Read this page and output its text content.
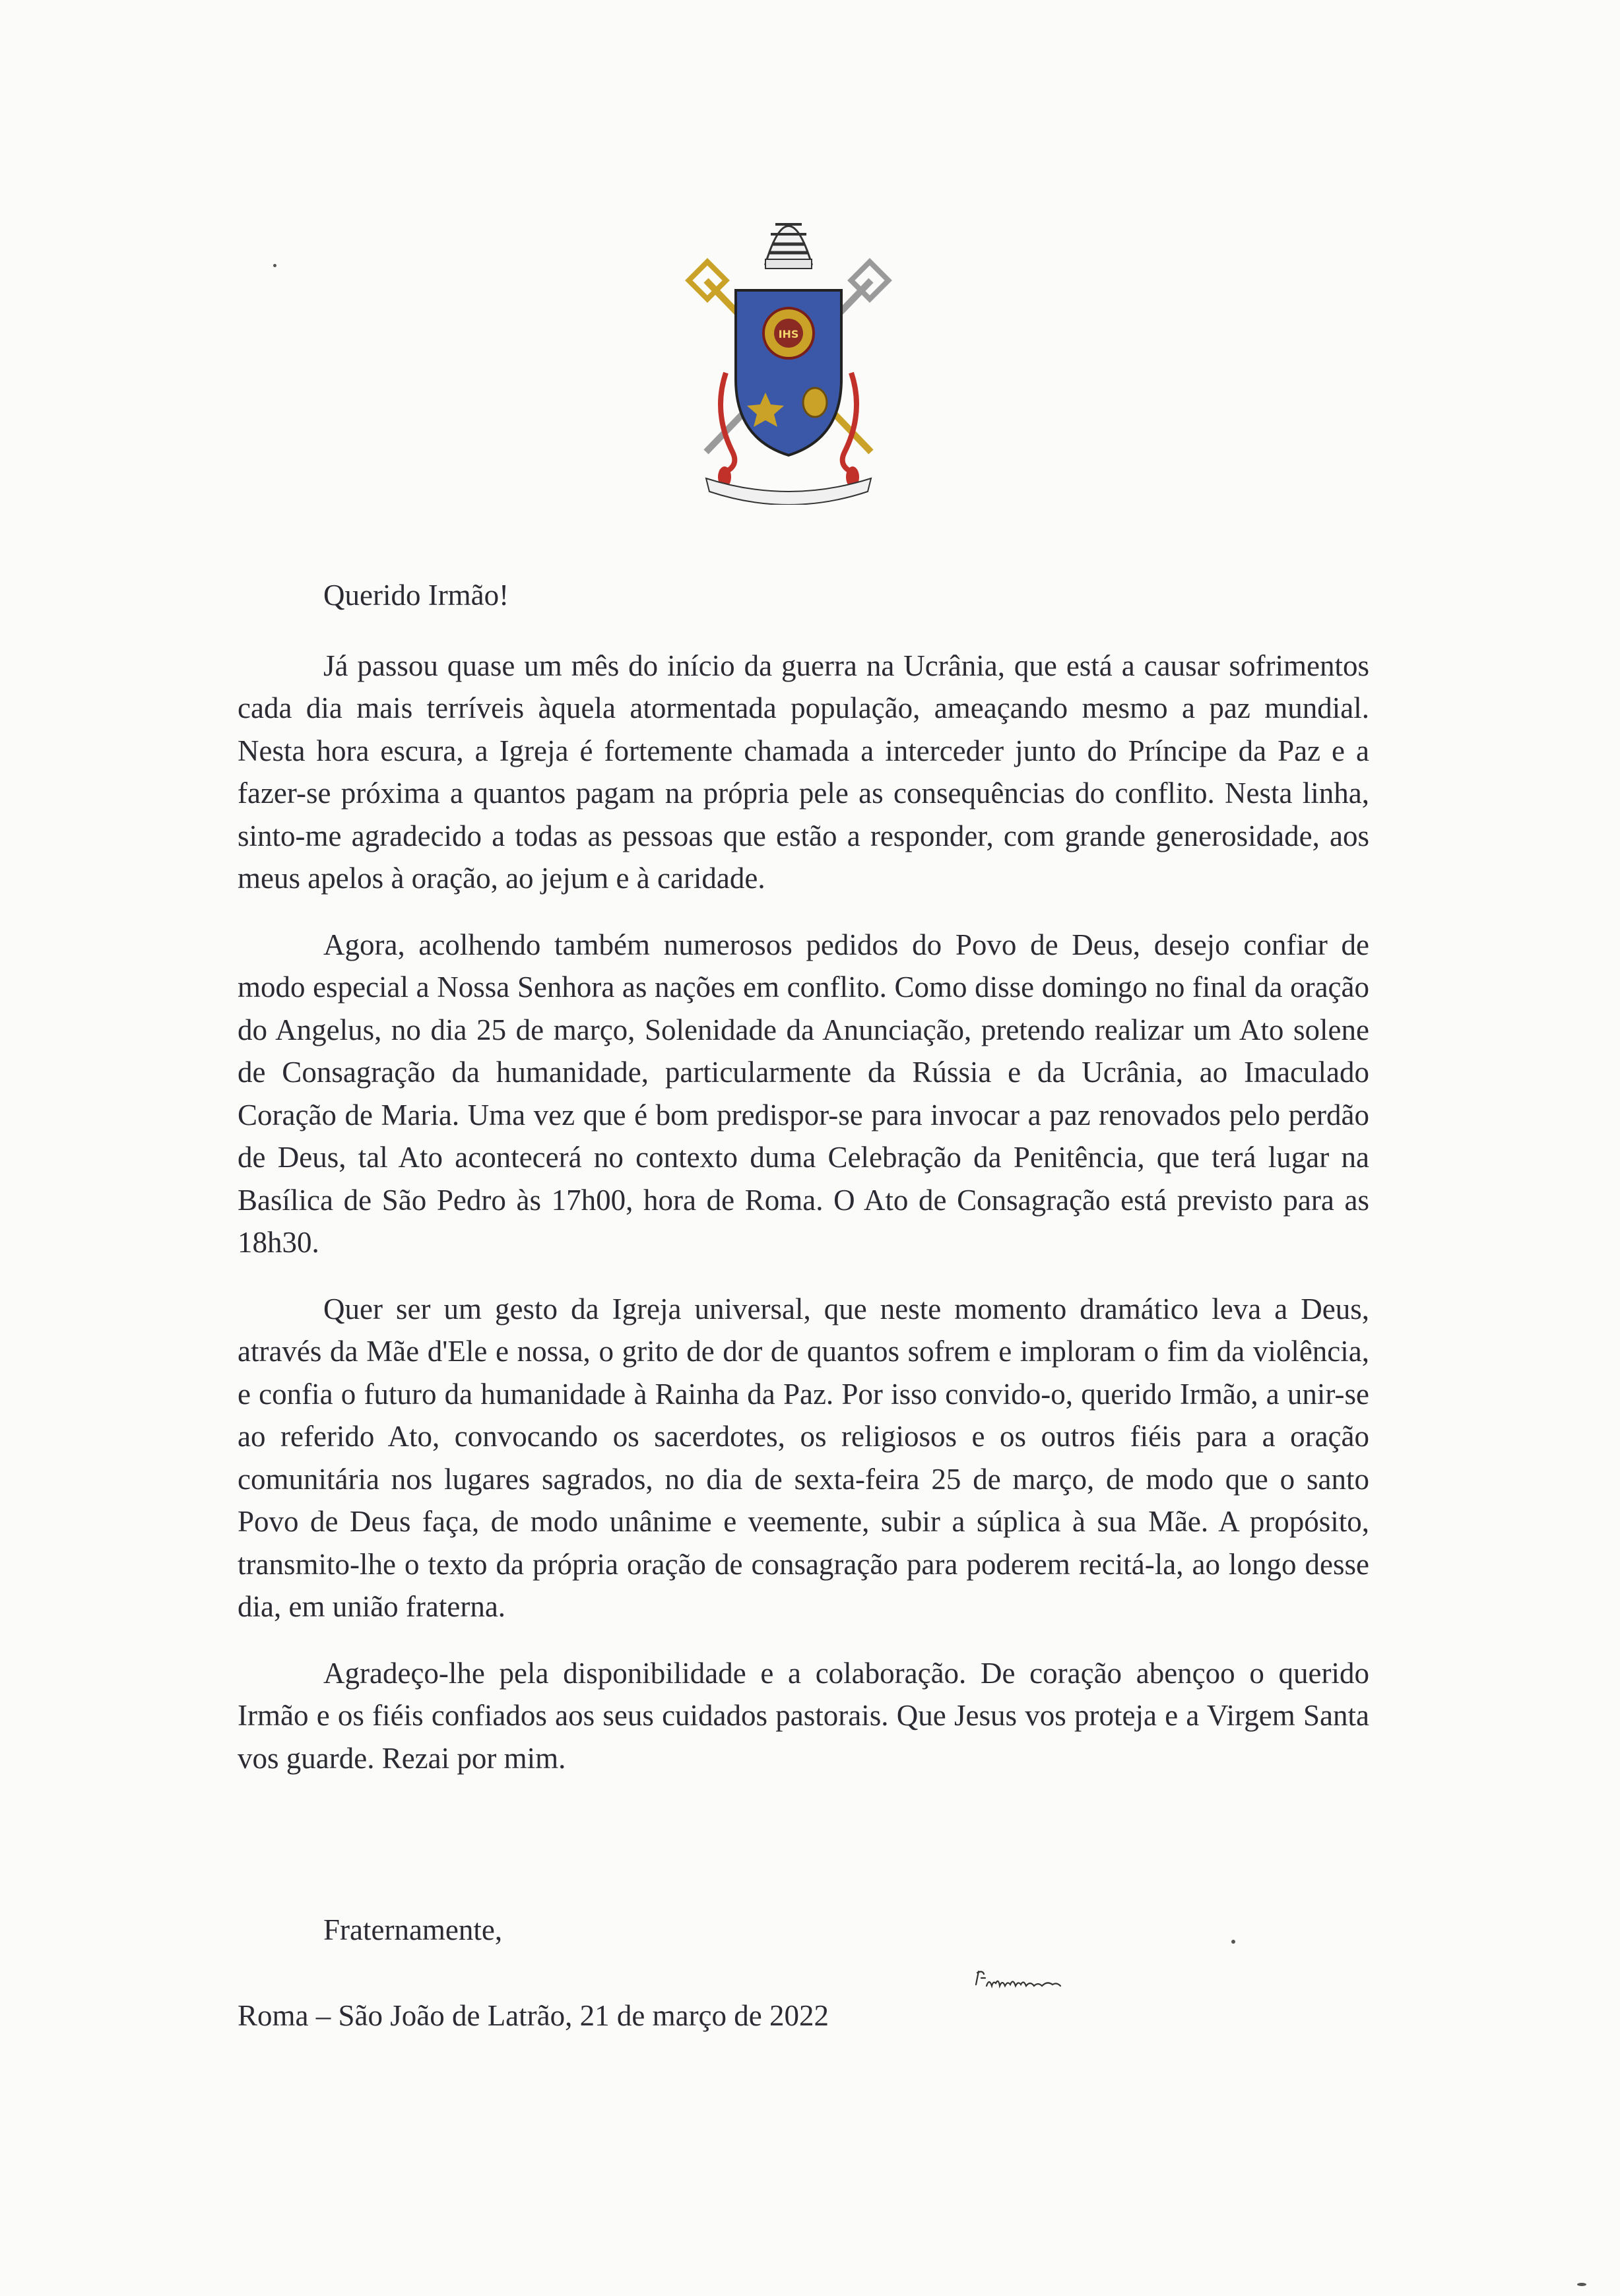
IHS

Querido Irmão!

Já passou quase um mês do início da guerra na Ucrânia, que está a causar sofrimentos cada dia mais terríveis àquela atormentada população, ameaçando mesmo a paz mundial. Nesta hora escura, a Igreja é fortemente chamada a interceder junto do Príncipe da Paz e a fazer-se próxima a quantos pagam na própria pele as consequências do conflito. Nesta linha, sinto-me agradecido a todas as pessoas que estão a responder, com grande generosidade, aos meus apelos à oração, ao jejum e à caridade.

Agora, acolhendo também numerosos pedidos do Povo de Deus, desejo confiar de modo especial a Nossa Senhora as nações em conflito. Como disse domingo no final da oração do Angelus, no dia 25 de março, Solenidade da Anunciação, pretendo realizar um Ato solene de Consagração da humanidade, particularmente da Rússia e da Ucrânia, ao Imaculado Coração de Maria. Uma vez que é bom predispor-se para invocar a paz renovados pelo perdão de Deus, tal Ato acontecerá no contexto duma Celebração da Penitência, que terá lugar na Basílica de São Pedro às 17h00, hora de Roma. O Ato de Consagração está previsto para as 18h30.

Quer ser um gesto da Igreja universal, que neste momento dramático leva a Deus, através da Mãe d'Ele e nossa, o grito de dor de quantos sofrem e imploram o fim da violência, e confia o futuro da humanidade à Rainha da Paz. Por isso convido-o, querido Irmão, a unir-se ao referido Ato, convocando os sacerdotes, os religiosos e os outros fiéis para a oração comunitária nos lugares sagrados, no dia de sexta-feira 25 de março, de modo que o santo Povo de Deus faça, de modo unânime e veemente, subir a súplica à sua Mãe. A propósito, transmito-lhe o texto da própria oração de consagração para poderem recitá-la, ao longo desse dia, em união fraterna.

Agradeço-lhe pela disponibilidade e a colaboração. De coração abençoo o querido Irmão e os fiéis confiados aos seus cuidados pastorais. Que Jesus vos proteja e a Virgem Santa vos guarde. Rezai por mim.

Fraternamente,

Roma – São João de Latrão, 21 de março de 2022
